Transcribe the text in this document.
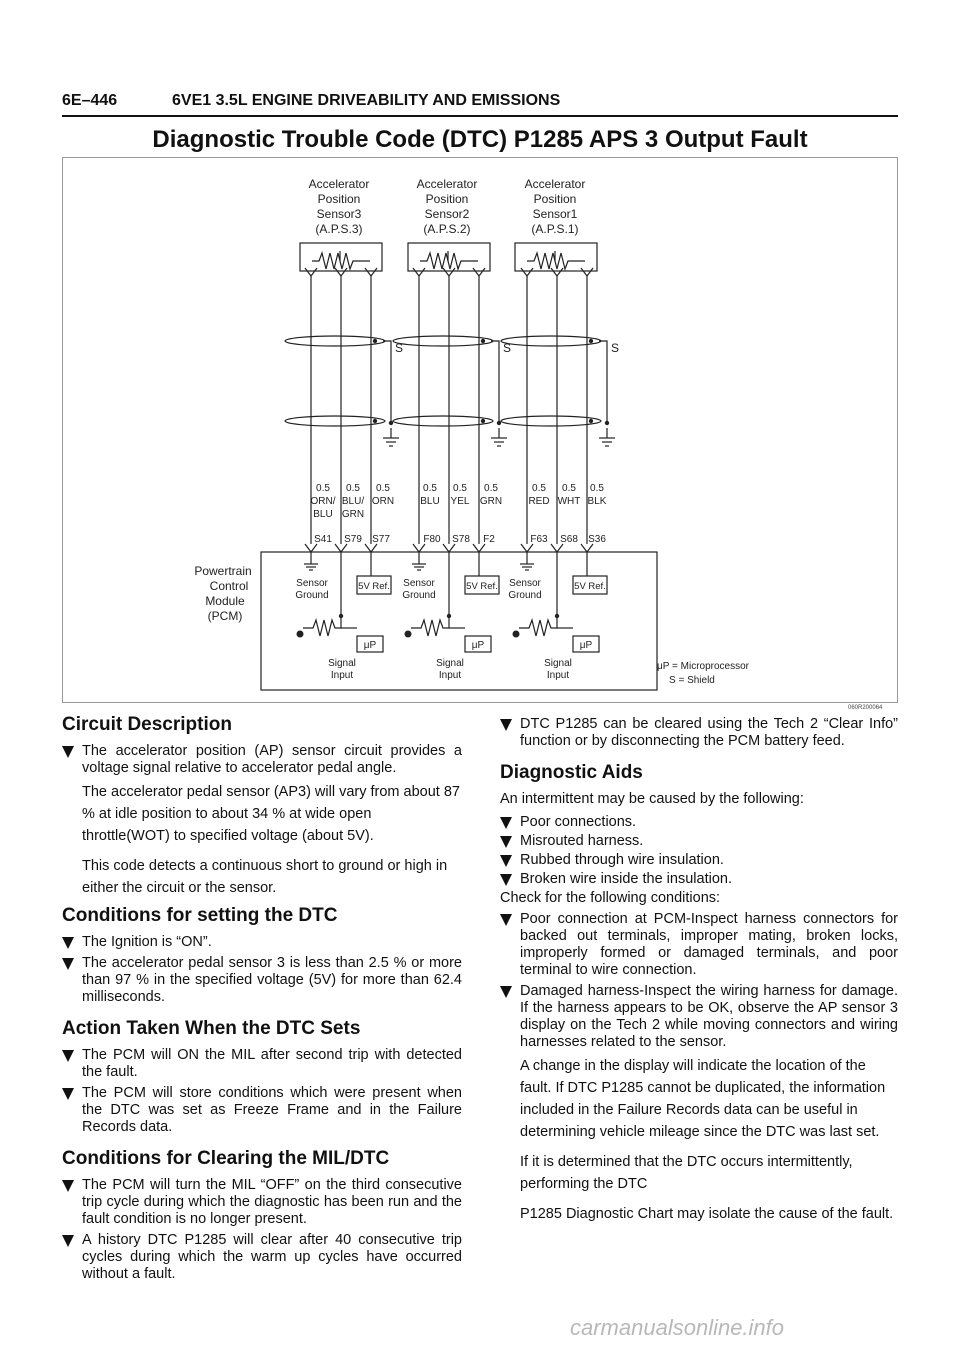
6E–446	6VE1 3.5L ENGINE DRIVEABILITY AND EMISSIONS
Diagnostic Trouble Code (DTC) P1285 APS 3 Output Fault
Accelerator
Position
Sensor3
(A.P.S.3)
Accelerator
Position
Sensor2
(A.P.S.2)
Accelerator
Position
Sensor1
(A.P.S.1)
S	S	S
0.5
ORN/
BLU
0.5
BLU/
GRN
0.5
ORN
0.5
BLU
0.5
YEL
0.5
GRN
0.5
RED
0.5
WHT
0.5
BLK
S41 S79 S77	F80 S78 F2	F63 S68 S36
Powertrain
Control
Module
(PCM)
Sensor
Ground
5V Ref.
μP
Signal
Input
Sensor
Ground
5V Ref.
μP
Signal
Input
Sensor
Ground
5V Ref.
μP
Signal
Input
μP = Microprocessor
S = Shield
060R200064
Circuit Description
The accelerator position (AP) sensor circuit provides a voltage signal relative to accelerator pedal angle.
The accelerator pedal sensor (AP3) will vary from about 87 % at idle position to about 34 % at wide open throttle(WOT) to specified voltage (about 5V).
This code detects a continuous short to ground or high in either the circuit or the sensor.
Conditions for setting the DTC
The Ignition is “ON”.
The accelerator pedal sensor 3 is less than 2.5 % or more than 97 % in the specified voltage (5V) for more than 62.4 milliseconds.
Action Taken When the DTC Sets
The PCM will ON the MIL after second trip with detected the fault.
The PCM will store conditions which were present when the DTC was set as Freeze Frame and in the Failure Records data.
Conditions for Clearing the MIL/DTC
The PCM will turn the MIL “OFF” on the third consecutive trip cycle during which the diagnostic has been run and the fault condition is no longer present.
A history DTC P1285 will clear after 40 consecutive trip cycles during which the warm up cycles have occurred without a fault.
DTC P1285 can be cleared using the Tech 2 “Clear Info” function or by disconnecting the PCM battery feed.
Diagnostic Aids
An intermittent may be caused by the following:
Poor connections.
Misrouted harness.
Rubbed through wire insulation.
Broken wire inside the insulation.
Check for the following conditions:
Poor connection at PCM-Inspect harness connectors for backed out terminals, improper mating, broken locks, improperly formed or damaged terminals, and poor terminal to wire connection.
Damaged harness-Inspect the wiring harness for damage. If the harness appears to be OK, observe the AP sensor 3 display on the Tech 2 while moving connectors and wiring harnesses related to the sensor.
A change in the display will indicate the location of the fault. If DTC P1285 cannot be duplicated, the information included in the Failure Records data can be useful in determining vehicle mileage since the DTC was last set.
If it is determined that the DTC occurs intermittently, performing the DTC
P1285 Diagnostic Chart may isolate the cause of the fault.
carmanualsonline.info
